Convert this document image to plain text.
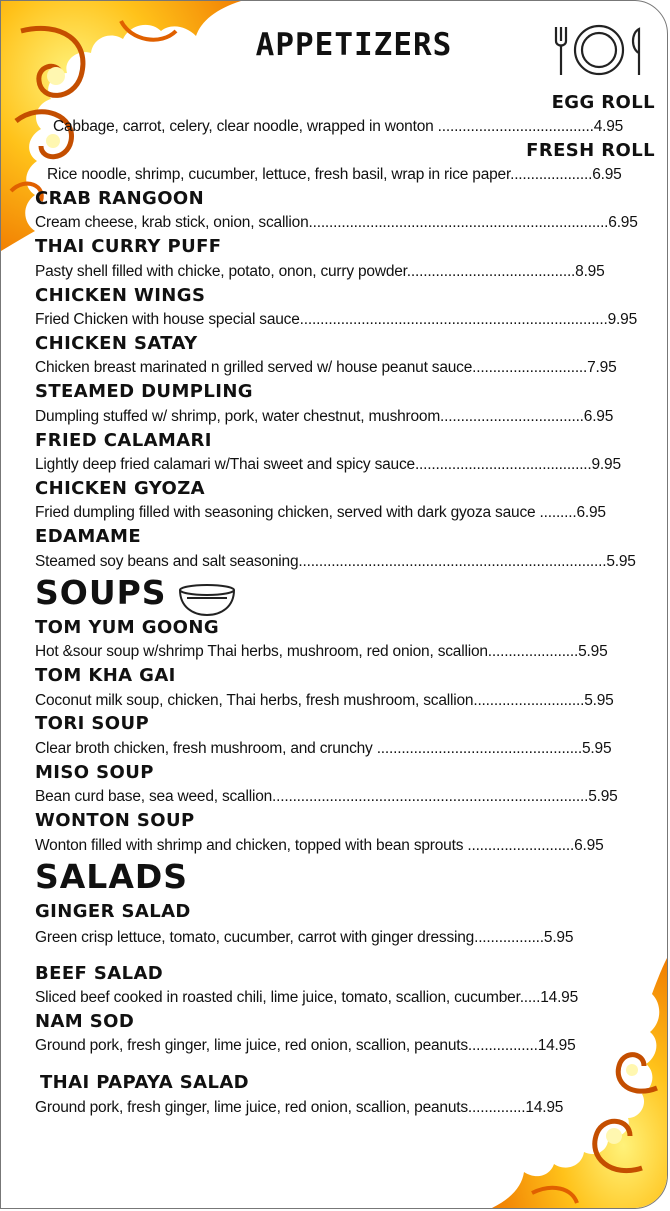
APPETIZERS
EGG ROLL
Cabbage, carrot, celery, clear noodle, wrapped in wonton ......................................4.95
FRESH ROLL
Rice noodle, shrimp, cucumber, lettuce, fresh basil, wrap in rice paper....................6.95
CRAB RANGOON
Cream cheese, krab stick, onion, scallion.........................................................................6.95
THAI CURRY PUFF
Pasty shell filled with chicke, potato, onon, curry powder.........................................8.95
CHICKEN WINGS
Fried Chicken with house special sauce...........................................................................9.95
CHICKEN SATAY
Chicken breast marinated n grilled served w/ house peanut sauce............................7.95
STEAMED DUMPLING
Dumpling stuffed w/ shrimp, pork, water chestnut, mushroom...................................6.95
FRIED CALAMARI
Lightly deep fried calamari w/Thai sweet and spicy sauce...........................................9.95
CHICKEN GYOZA
Fried dumpling filled with seasoning chicken, served with dark gyoza sauce .........6.95
EDAMAME
Steamed soy beans and salt seasoning...........................................................................5.95
SOUPS
TOM YUM GOONG
Hot &sour soup w/shrimp Thai herbs, mushroom, red onion, scallion......................5.95
TOM KHA GAI
Coconut milk soup, chicken, Thai herbs, fresh mushroom, scallion...........................5.95
TORI SOUP
Clear broth chicken, fresh mushroom, and crunchy ..................................................5.95
MISO SOUP
Bean curd base, sea weed, scallion.............................................................................5.95
WONTON SOUP
Wonton filled with shrimp and chicken, topped with bean sprouts ..........................6.95
SALADS
GINGER SALAD
Green crisp lettuce, tomato, cucumber, carrot with ginger dressing.................5.95
BEEF SALAD
Sliced beef cooked in roasted chili, lime juice, tomato, scallion, cucumber.....14.95
NAM SOD
Ground pork, fresh ginger, lime juice, red onion, scallion, peanuts.................14.95
THAI PAPAYA SALAD
Ground pork, fresh ginger, lime juice, red onion, scallion, peanuts..............14.95
